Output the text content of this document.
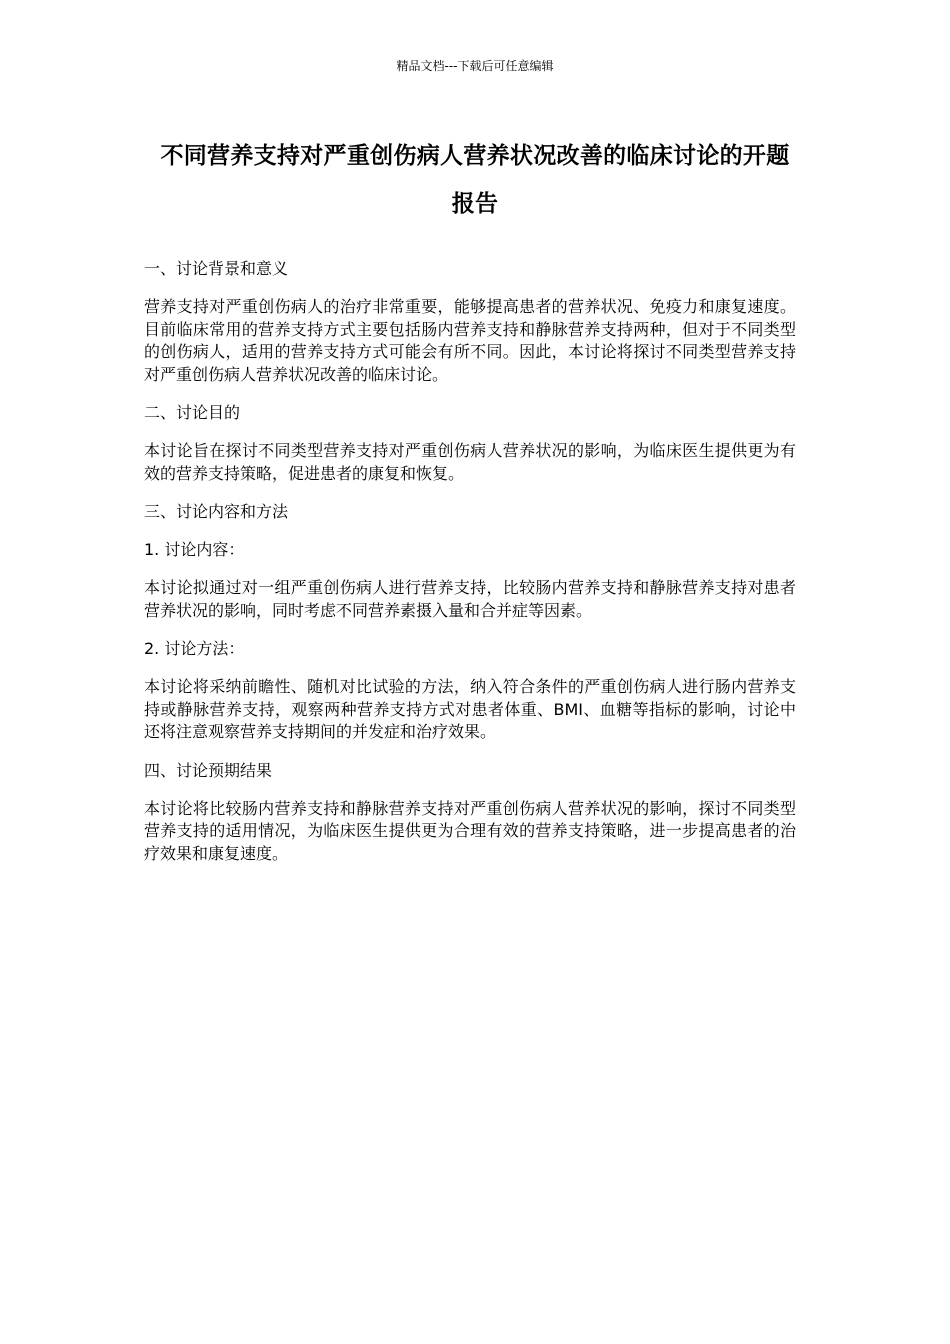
精品文档---下载后可任意编辑
不同营养支持对严重创伤病人营养状况改善的临床讨论的开题报告
一、讨论背景和意义
营养支持对严重创伤病人的治疗非常重要，能够提高患者的营养状况、免疫力和康复速度。目前临床常用的营养支持方式主要包括肠内营养支持和静脉营养支持两种，但对于不同类型的创伤病人，适用的营养支持方式可能会有所不同。因此，本讨论将探讨不同类型营养支持对严重创伤病人营养状况改善的临床讨论。
二、讨论目的
本讨论旨在探讨不同类型营养支持对严重创伤病人营养状况的影响，为临床医生提供更为有效的营养支持策略，促进患者的康复和恢复。
三、讨论内容和方法
1. 讨论内容：
本讨论拟通过对一组严重创伤病人进行营养支持，比较肠内营养支持和静脉营养支持对患者营养状况的影响，同时考虑不同营养素摄入量和合并症等因素。
2. 讨论方法：
本讨论将采纳前瞻性、随机对比试验的方法，纳入符合条件的严重创伤病人进行肠内营养支持或静脉营养支持，观察两种营养支持方式对患者体重、BMI、血糖等指标的影响，讨论中还将注意观察营养支持期间的并发症和治疗效果。
四、讨论预期结果
本讨论将比较肠内营养支持和静脉营养支持对严重创伤病人营养状况的影响，探讨不同类型营养支持的适用情况，为临床医生提供更为合理有效的营养支持策略，进一步提高患者的治疗效果和康复速度。
